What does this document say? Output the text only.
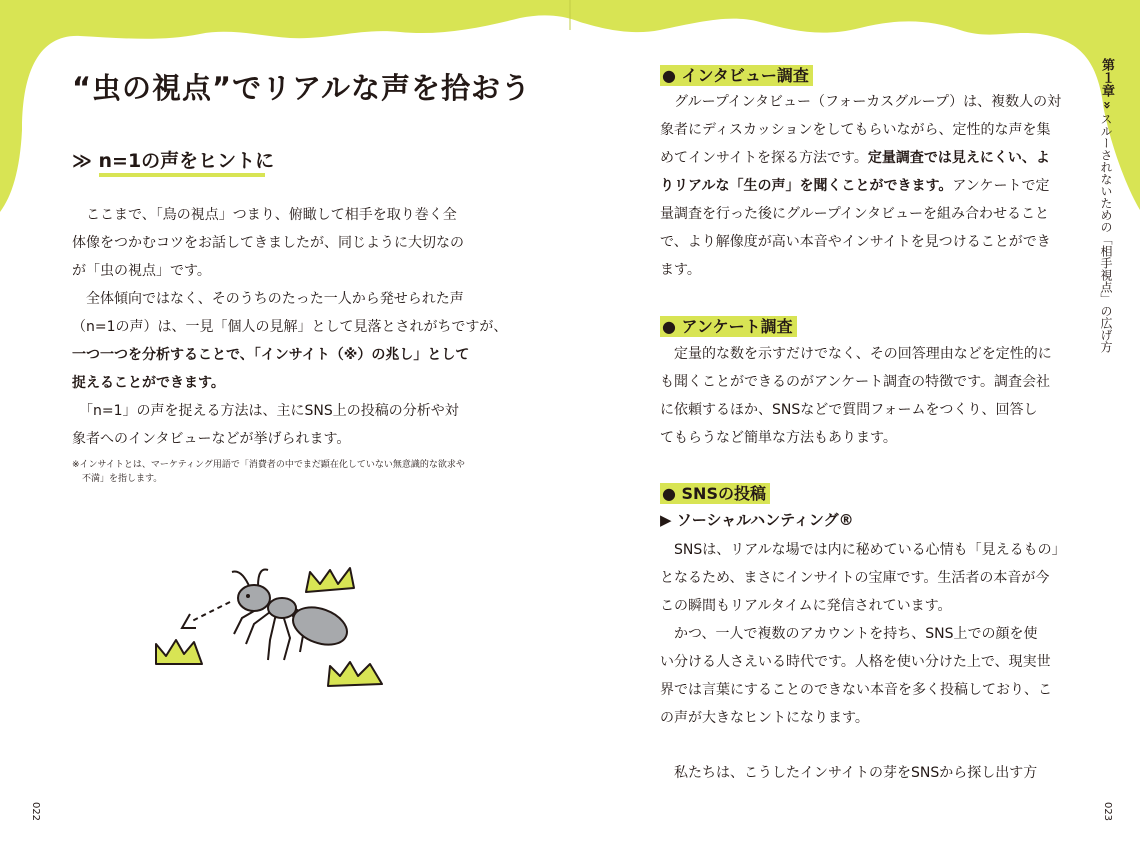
“虫の視点”でリアルな声を拾おう
≫ n=1の声をヒントに

　ここまで、「鳥の視点」つまり、俯瞰して相手を取り巻く全

体像をつかむコツをお話してきましたが、同じように大切なの

が「虫の視点」です。

　全体傾向ではなく、そのうちのたった一人から発せられた声

（n=1の声）は、一見「個人の見解」として見落とされがちですが、

一つ一つを分析することで、「インサイト（※）の兆し」として

捉えることができます。

　「n=1」の声を捉える方法は、主にSNS上の投稿の分析や対

象者へのインタビューなどが挙げられます。

※インサイトとは、マーケティング用語で「消費者の中でまだ顕在化していない無意識的な欲求や
不満」を指します。
022
● インタビュー調査

　グループインタビュー（フォーカスグループ）は、複数人の対

象者にディスカッションをしてもらいながら、定性的な声を集

めてインサイトを探る方法です。定量調査では見えにくい、よ

りリアルな「生の声」を聞くことができます。アンケートで定

量調査を行った後にグループインタビューを組み合わせること

で、より解像度が高い本音やインサイトを見つけることができ

ます。

● アンケート調査

　定量的な数を示すだけでなく、その回答理由などを定性的に

も聞くことができるのがアンケート調査の特徴です。調査会社

に依頼するほか、SNSなどで質問フォームをつくり、回答し

てもらうなど簡単な方法もあります。

● SNSの投稿
▶ ソーシャルハンティング®

　SNSは、リアルな場では内に秘めている心情も「見えるもの」

となるため、まさにインサイトの宝庫です。生活者の本音が今

この瞬間もリアルタイムに発信されています。

　かつ、一人で複数のアカウントを持ち、SNS上での顔を使

い分ける人さえいる時代です。人格を使い分けた上で、現実世

界では言葉にすることのできない本音を多く投稿しており、こ

の声が大きなヒントになります。

　私たちは、こうしたインサイトの芽をSNSから探し出す方
第１章 » スルーされないための「相手視点」の広げ方
023
